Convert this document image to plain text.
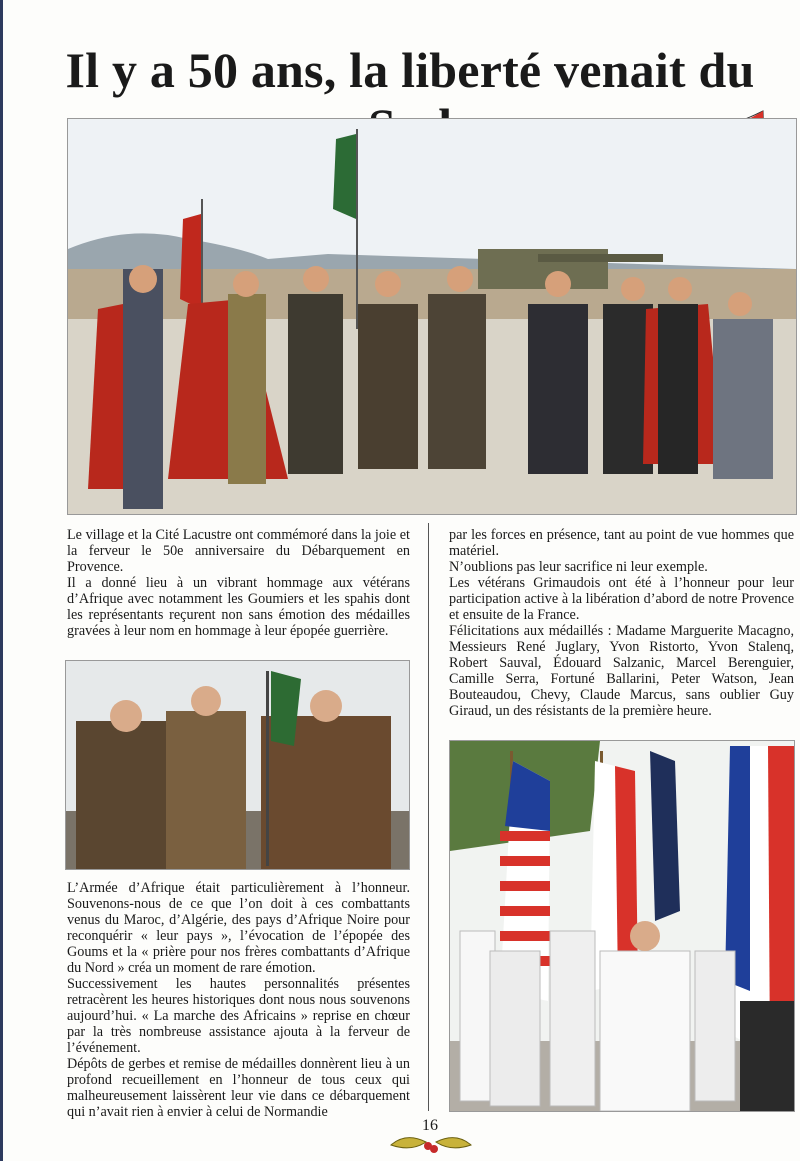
Il y a 50 ans, la liberté venait du

Le village et la Cité Lacustre ont commémoré dans la joie et la ferveur le 50e anniversaire du Débarquement en Provence.

Il a donné lieu à un vibrant hommage aux vétérans d’Afrique avec notamment les Goumiers et les spahis dont les représentants reçurent non sans émotion des médailles gravées à leur nom en hommage à leur épopée guerrière.

L’Armée d’Afrique était particulièrement à l’honneur. Souvenons-nous de ce que l’on doit à ces combattants venus du Maroc, d’Algérie, des pays d’Afrique Noire pour reconquérir « leur pays », l’évocation de l’épopée des Goums et la « prière pour nos frères combattants d’Afrique du Nord » créa un moment de rare émotion.

Successivement les hautes personnalités présentes retracèrent les heures historiques dont nous nous souvenons aujourd’hui. « La marche des Africains » reprise en chœur par la très nombreuse assistance ajouta à la ferveur de l’événement.

Dépôts de gerbes et remise de médailles donnèrent lieu à un profond recueillement en l’honneur de tous ceux qui malheureusement laissèrent leur vie dans ce débarquement qui n’avait rien à envier à celui de Normandie

par les forces en présence, tant au point de vue hommes que matériel.

N’oublions pas leur sacrifice ni leur exemple.

Les vétérans Grimaudois ont été à l’honneur pour leur participation active à la libération d’abord de notre Provence et ensuite de la France.

Félicitations aux médaillés : Madame Marguerite Macagno, Messieurs René Juglary, Yvon Ristorto, Yvon Stalenq, Robert Sauval, Édouard Salzanic, Marcel Berenguier, Camille Serra, Fortuné Ballarini, Peter Watson, Jean Bouteaudou, Chevy, Claude Marcus, sans oublier Guy Giraud, un des résistants de la première heure.

16
